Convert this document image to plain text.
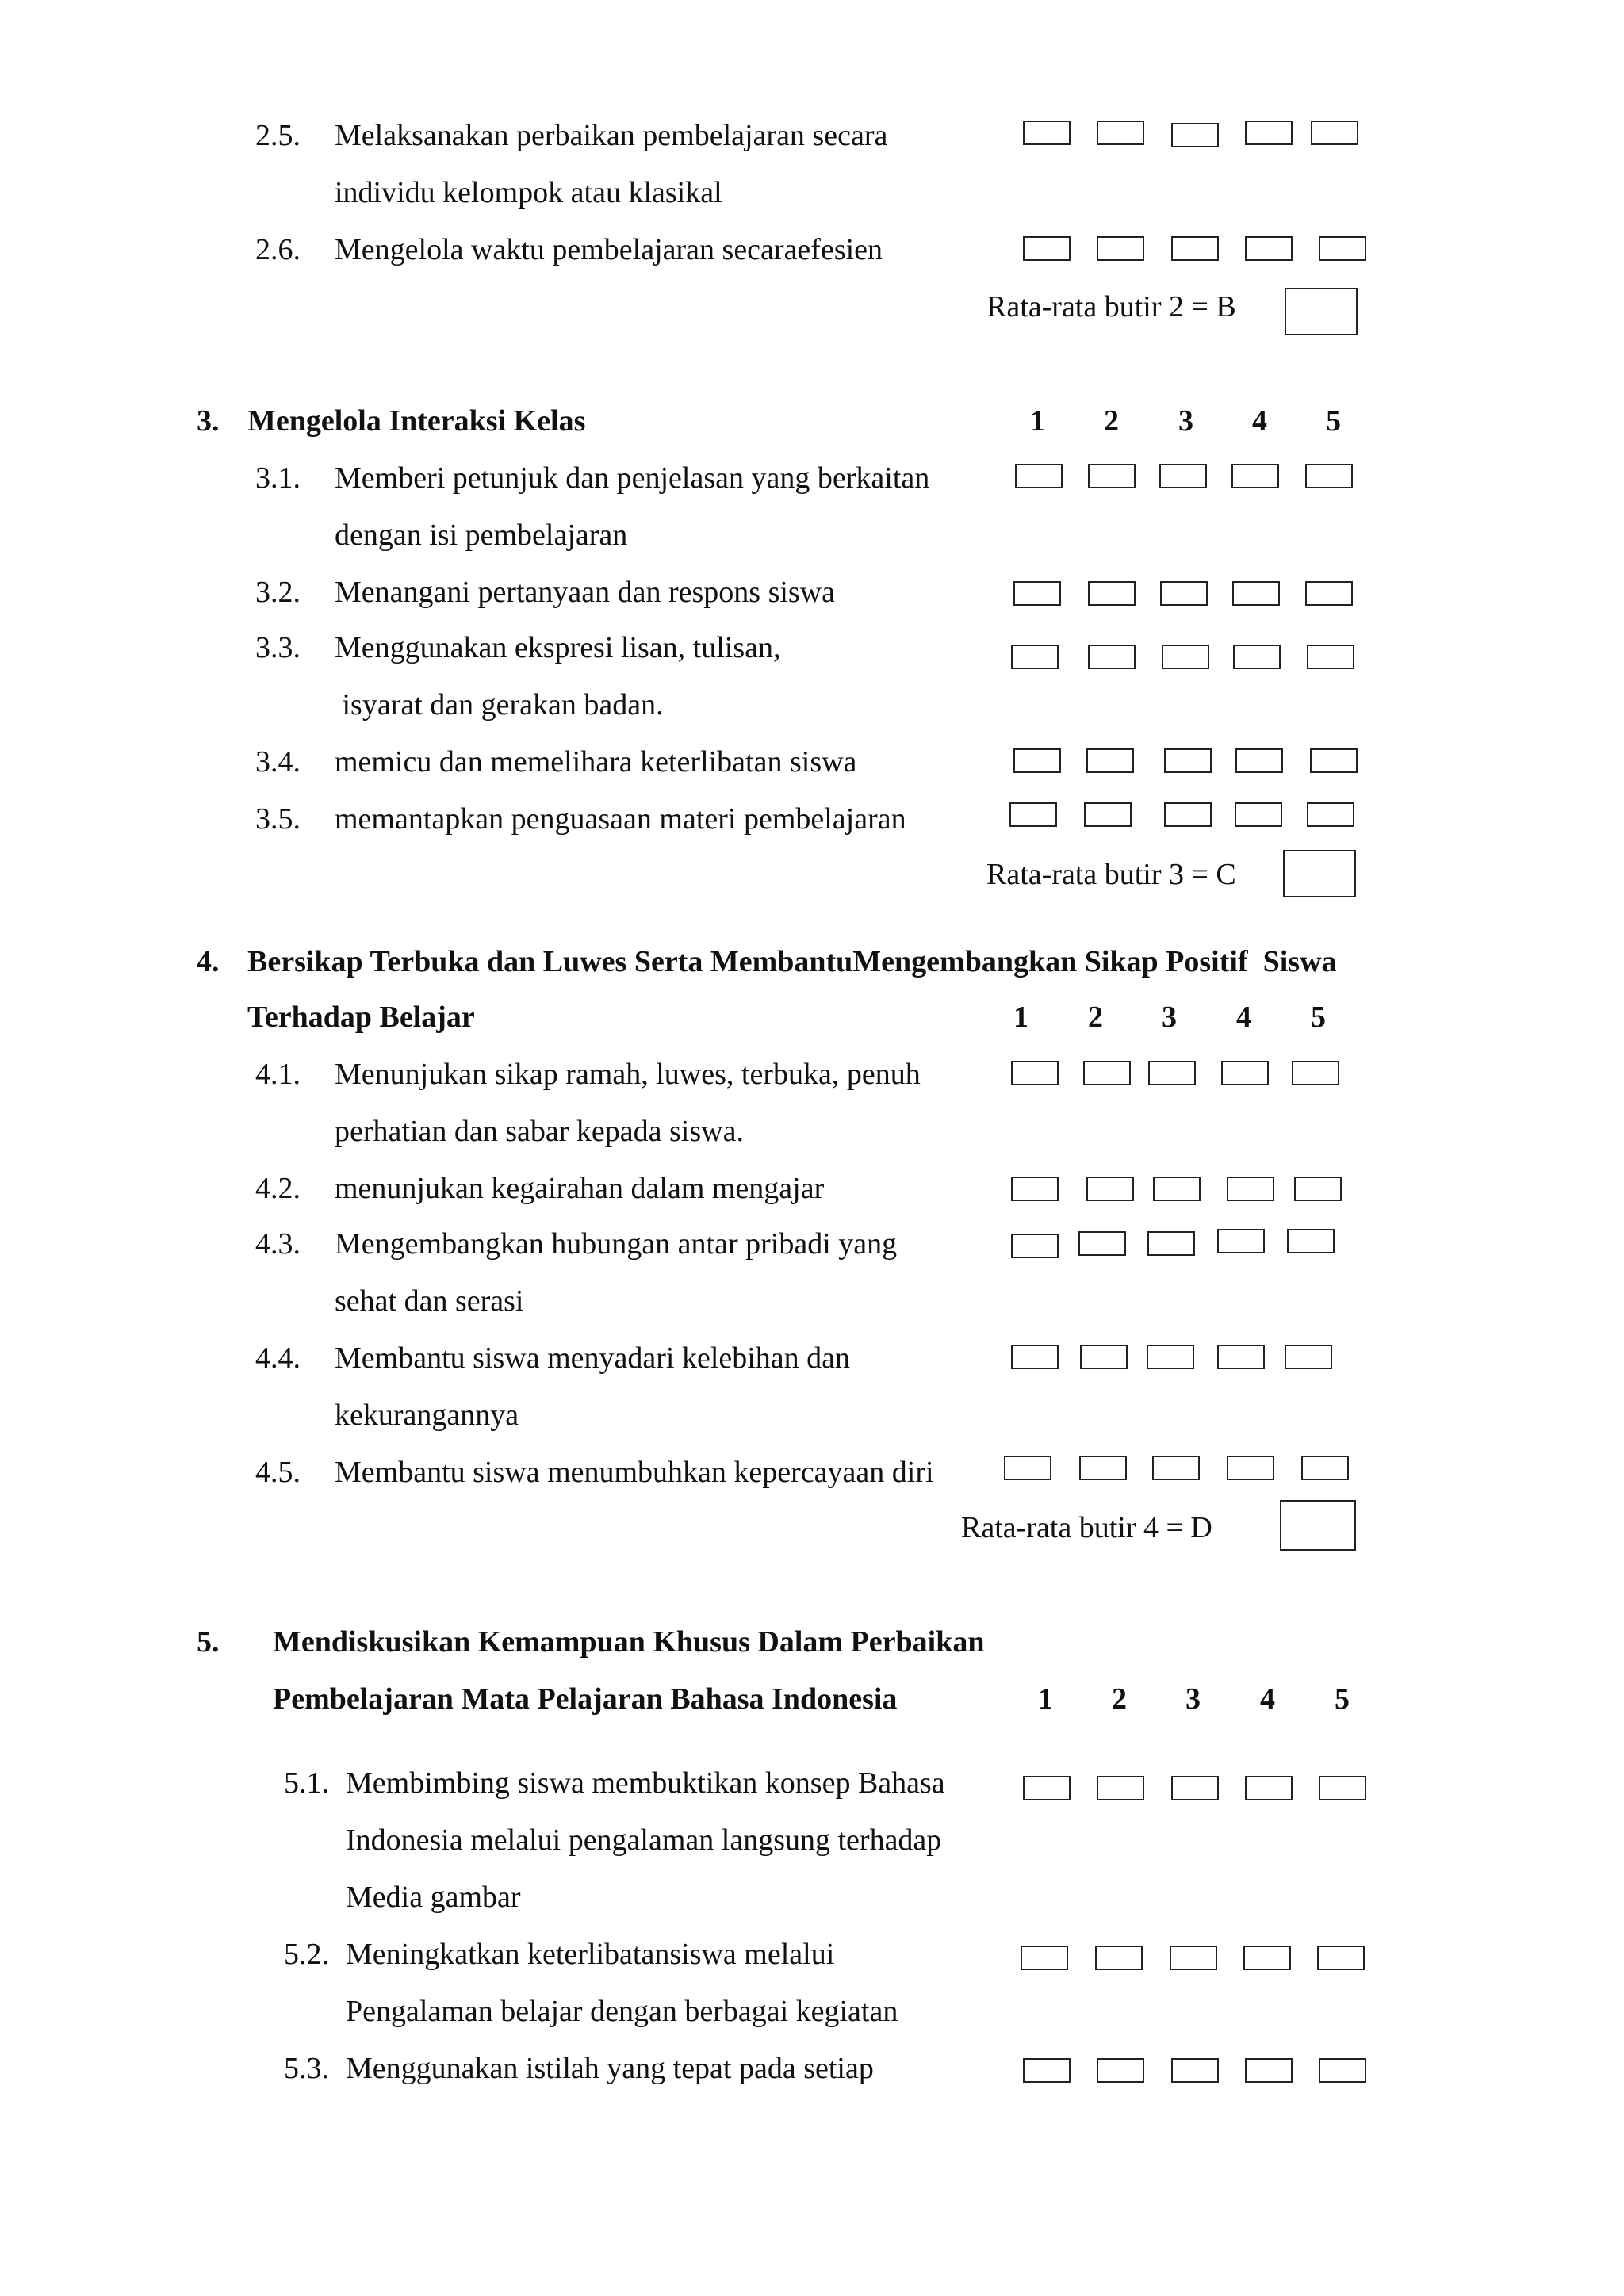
2.5. Melaksanakan perbaikan pembelajaran secara
individu kelompok atau klasikal
2.6. Mengelola waktu pembelajaran secaraefesien
Rata-rata butir 2 = B
3. Mengelola Interaksi Kelas	1 2 3 4 5
3.1. Memberi petunjuk dan penjelasan yang berkaitan
dengan isi pembelajaran
3.2. Menangani pertanyaan dan respons siswa
3.3. Menggunakan ekspresi lisan, tulisan,
isyarat dan gerakan badan.
3.4. memicu dan memelihara keterlibatan siswa
3.5. memantapkan penguasaan materi pembelajaran
Rata-rata butir 3 = C
4. Bersikap Terbuka dan Luwes Serta MembantuMengembangkan Sikap Positif  Siswa
Terhadap Belajar	1 2 3 4 5
4.1. Menunjukan sikap ramah, luwes, terbuka, penuh
perhatian dan sabar kepada siswa.
4.2. menunjukan kegairahan dalam mengajar
4.3. Mengembangkan hubungan antar pribadi yang
sehat dan serasi
4.4. Membantu siswa menyadari kelebihan dan
kekurangannya
4.5. Membantu siswa menumbuhkan kepercayaan diri
Rata-rata butir 4 = D
5. Mendiskusikan Kemampuan Khusus Dalam Perbaikan
Pembelajaran Mata Pelajaran Bahasa Indonesia	1 2 3 4 5
5.1. Membimbing siswa membuktikan konsep Bahasa
Indonesia melalui pengalaman langsung terhadap
Media gambar
5.2. Meningkatkan keterlibatansiswa melalui
Pengalaman belajar dengan berbagai kegiatan
5.3. Menggunakan istilah yang tepat pada setiap
